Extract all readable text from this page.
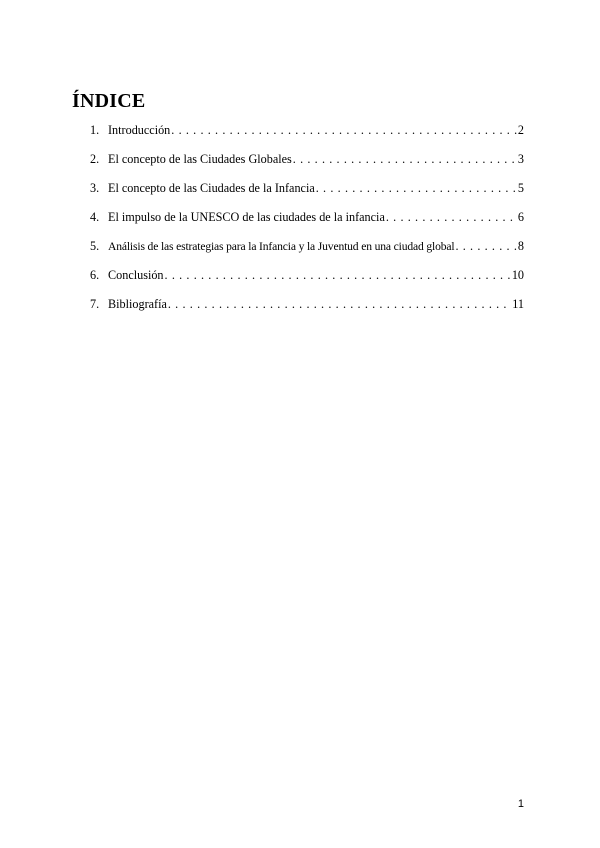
ÍNDICE
1. Introducción . . .	2
2. El concepto de las Ciudades Globales . . .	3
3. El concepto de las Ciudades de la Infancia . . .	5
4. El impulso de la UNESCO de las ciudades de la infancia . . .	6
5. Análisis de las estrategias para la Infancia y la Juventud en una ciudad global . . .	8
6. Conclusión . . .	10
7. Bibliografía . . .	11
1
